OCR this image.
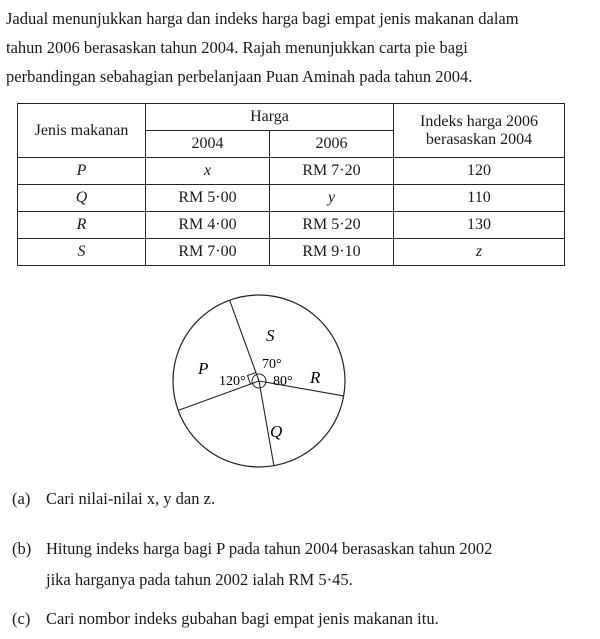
Jadual menunjukkan harga dan indeks harga bagi empat jenis makanan dalam
tahun 2006 berasaskan tahun 2004. Rajah menunjukkan carta pie bagi
perbandingan sebahagian perbelanjaan Puan Aminah pada tahun 2004.

Jenis makanan	Harga		Indeks harga 2006
berasaskan 2004

	2004	2006	
P	x	RM 7·20	120
Q	RM 5·00	y	110
R	RM 4·00	RM 5·20	130
S	RM 7·00	RM 9·10	z
S
P	R
Q
120°
70°
80°
(a) Cari nilai-nilai x, y dan z.
(b) Hitung indeks harga bagi P pada tahun 2004 berasaskan tahun 2002
jika harganya pada tahun 2002 ialah RM 5·45.
(c) Cari nombor indeks gubahan bagi empat jenis makanan itu.
